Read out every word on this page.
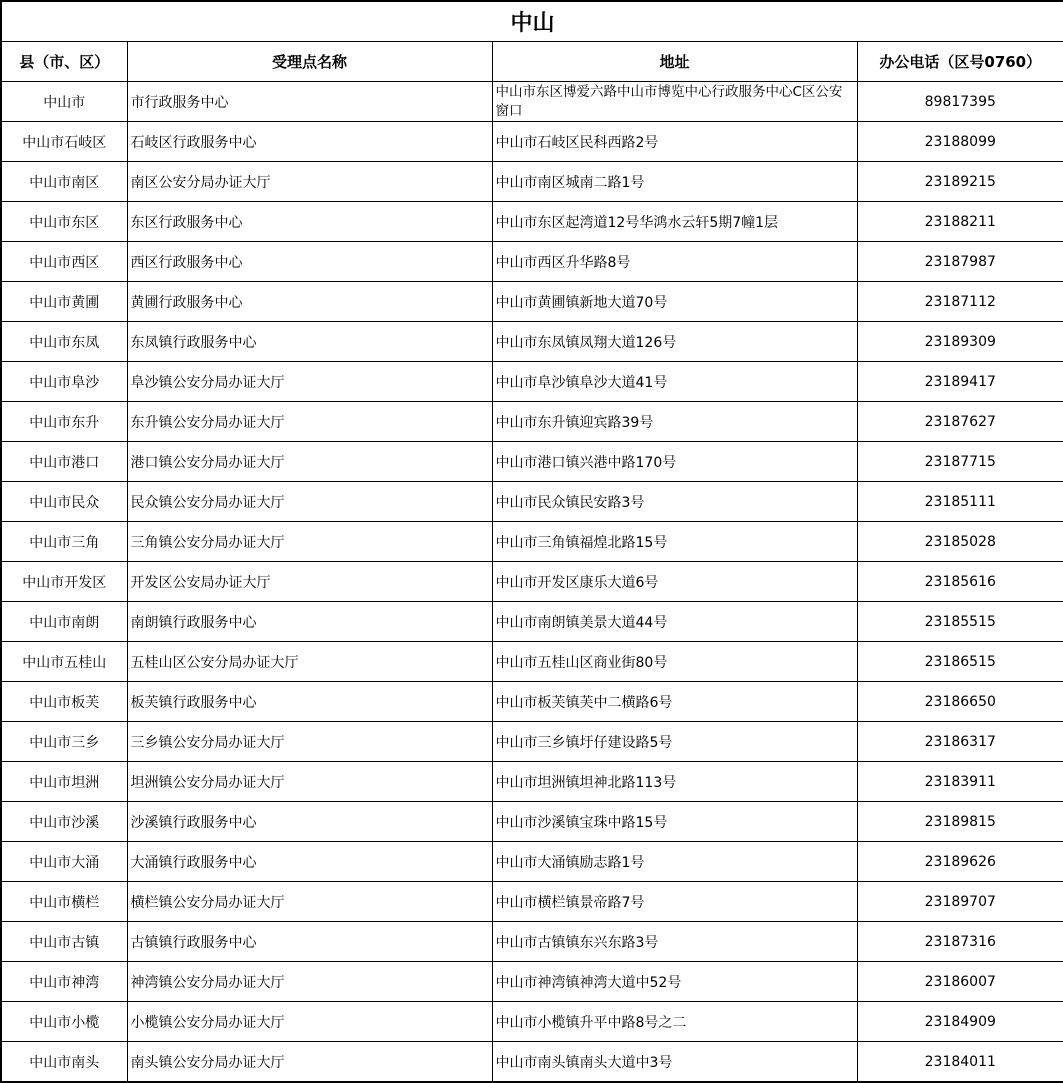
中山			
县（市、区）	受理点名称	地址	办公电话（区号0760）
中山市	市行政服务中心	中山市东区博爱六路中山市博览中心行政服务中心C区公安窗口	89817395
中山市石岐区	石岐区行政服务中心	中山市石岐区民科西路2号	23188099
中山市南区	南区公安分局办证大厅	中山市南区城南二路1号	23189215
中山市东区	东区行政服务中心	中山市东区起湾道12号华鸿水云轩5期7幢1层	23188211
中山市西区	西区行政服务中心	中山市西区升华路8号	23187987
中山市黄圃	黄圃行政服务中心	中山市黄圃镇新地大道70号	23187112
中山市东凤	东凤镇行政服务中心	中山市东凤镇凤翔大道126号	23189309
中山市阜沙	阜沙镇公安分局办证大厅	中山市阜沙镇阜沙大道41号	23189417
中山市东升	东升镇公安分局办证大厅	中山市东升镇迎宾路39号	23187627
中山市港口	港口镇公安分局办证大厅	中山市港口镇兴港中路170号	23187715
中山市民众	民众镇公安分局办证大厅	中山市民众镇民安路3号	23185111
中山市三角	三角镇公安分局办证大厅	中山市三角镇福煌北路15号	23185028
中山市开发区	开发区公安局办证大厅	中山市开发区康乐大道6号	23185616
中山市南朗	南朗镇行政服务中心	中山市南朗镇美景大道44号	23185515
中山市五桂山	五桂山区公安分局办证大厅	中山市五桂山区商业街80号	23186515
中山市板芙	板芙镇行政服务中心	中山市板芙镇芙中二横路6号	23186650
中山市三乡	三乡镇公安分局办证大厅	中山市三乡镇圩仔建设路5号	23186317
中山市坦洲	坦洲镇公安分局办证大厅	中山市坦洲镇坦神北路113号	23183911
中山市沙溪	沙溪镇行政服务中心	中山市沙溪镇宝珠中路15号	23189815
中山市大涌	大涌镇行政服务中心	中山市大涌镇励志路1号	23189626
中山市横栏	横栏镇公安分局办证大厅	中山市横栏镇景帝路7号	23189707
中山市古镇	古镇镇行政服务中心	中山市古镇镇东兴东路3号	23187316
中山市神湾	神湾镇公安分局办证大厅	中山市神湾镇神湾大道中52号	23186007
中山市小榄	小榄镇公安分局办证大厅	中山市小榄镇升平中路8号之二	23184909
中山市南头	南头镇公安分局办证大厅	中山市南头镇南头大道中3号	23184011
